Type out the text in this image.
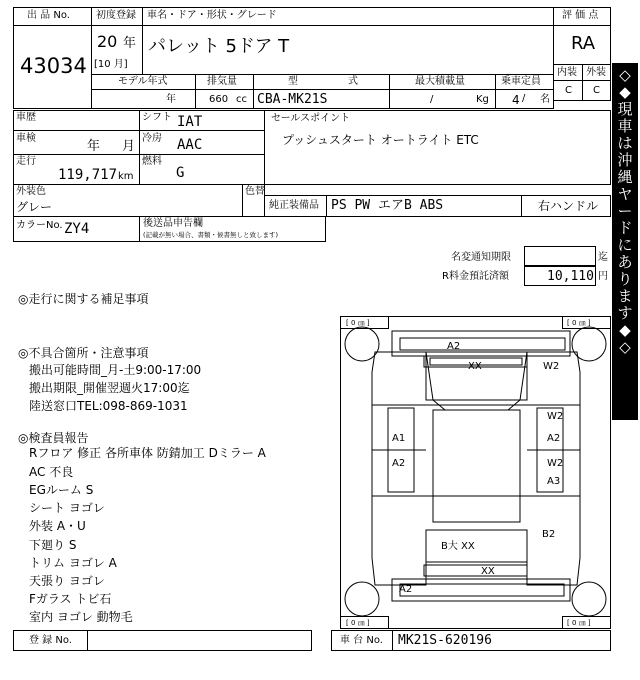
出 品 No.
43034
初度登録
20 年
[10 月]
車名・ドア・形状・グレード
パレット 5ドア T
評 価 点
RA
内装 外装
C C
モデル年式	排気量	型	式	最大積載量	乗車定員
年	660 cc CBA-MK21S	/	Kg 4 / 名
車歴
車検
年 月
走行
119,717 km
シフト IAT
冷房 AAC
燃料
G
セールスポイント
プッシュスタート オートライト ETC
外装色
グレー
色替
純正装備品 PS PW エアB ABS	右ハンドル
カラーNo. ZY4	後送品申告欄
(記載が無い場合、書類・候書無しと致します)
名変通知期限	迄
R料金預託済額	10,110 円
◎走行に関する補足事項
◎不具合箇所・注意事項
搬出可能時間_月-土9:00-17:00
搬出期限_開催翌週火17:00迄
陸送窓口TEL:098-869-1031
◎検査員報告
Rフロア 修正 各所車体 防錆加工 Dミラー A
AC 不良
EGルーム S
シート ヨゴレ
外装 A・U
下廻り S
トリム ヨゴレ A
天張り ヨゴレ
Fガラス トビ石
室内 ヨゴレ 動物毛
◇
◆
現
車
は
沖
縄
ヤ
ー
ド
に
あ
り
ま
す
◆
◇
[ 0 ㎝ ]	[ 0 ㎝ ]
[ 0 ㎝ ]	[ 0 ㎝ ]
A2
XX	W2
W2
A2
W2
A3
A1
A2
B2
B大 XX
XX
A2
登 録 No.	車 台 No. MK21S-620196
